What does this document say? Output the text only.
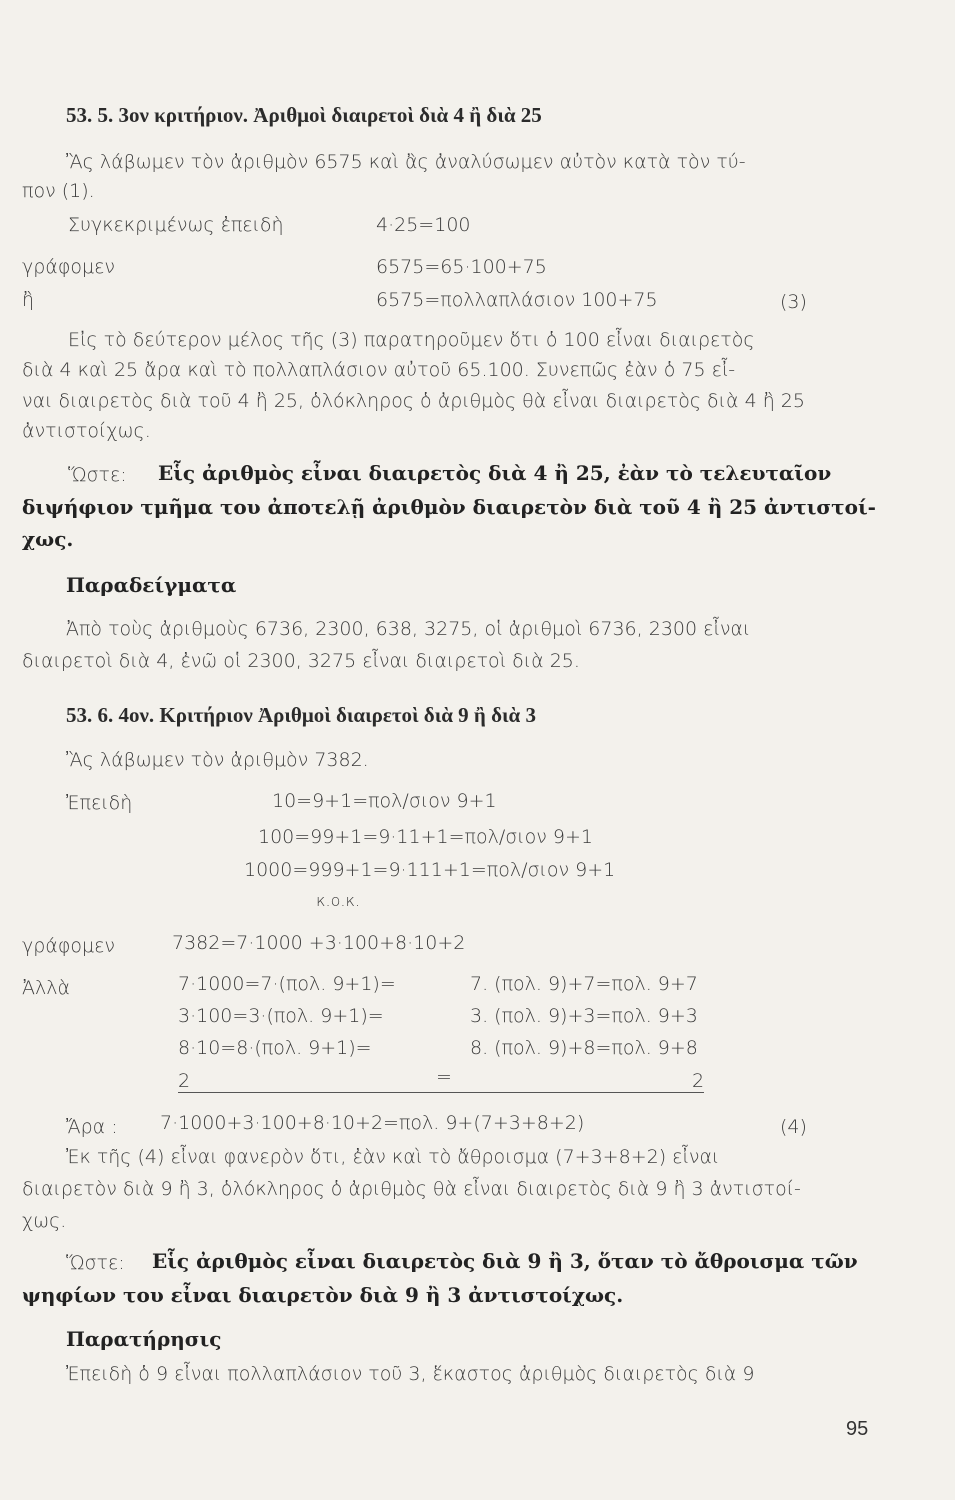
53. 5. 3ον κριτήριον. Ἀριθμοὶ διαιρετοὶ διὰ 4 ἢ διὰ 25
Ἂς λάβωμεν τὸν ἀριθμὸν 6575 καὶ ἂς ἀναλύσωμεν αὐτὸν κατὰ τὸν τύ-
πον (1).
Συγκεκριμένως ἐπειδὴ	4·25=100
γράφομεν	6575=65·100+75
ἢ	6575=πολλαπλάσιον 100+75	(3)
Εἰς τὸ δεύτερον μέλος τῆς (3) παρατηροῦμεν ὅτι ὁ 100 εἶναι διαιρετὸς
διὰ 4 καὶ 25 ἄρα καὶ τὸ πολλαπλάσιον αὐτοῦ 65.100. Συνεπῶς ἐὰν ὁ 75 εἶ-
ναι διαιρετὸς διὰ τοῦ 4 ἢ 25, ὁλόκληρος ὁ ἀριθμὸς θὰ εἶναι διαιρετὸς διὰ 4 ἢ 25
ἀντιστοίχως.
Ὥστε: Εἷς ἀριθμὸς εἶναι διαιρετὸς διὰ 4 ἢ 25, ἐὰν τὸ τελευταῖον
διψήφιον τμῆμα του ἀποτελῇ ἀριθμὸν διαιρετὸν διὰ τοῦ 4 ἢ 25 ἀντιστοί-
χως.
Παραδείγματα
Ἀπὸ τοὺς ἀριθμοὺς 6736, 2300, 638, 3275, οἱ ἀριθμοὶ 6736, 2300 εἶναι
διαιρετοὶ διὰ 4, ἐνῶ οἱ 2300, 3275 εἶναι διαιρετοὶ διὰ 25.
53. 6. 4ον. Κριτήριον Ἀριθμοὶ διαιρετοὶ διὰ 9 ἢ διὰ 3
Ἂς λάβωμεν τὸν ἀριθμὸν 7382.
Ἐπειδὴ	10=9+1=πολ/σιον 9+1
100=99+1=9·11+1=πολ/σιον 9+1
1000=999+1=9·111+1=πολ/σιον 9+1
κ.ο.κ.
γράφομεν	7382=7·1000 +3·100+8·10+2
Ἀλλὰ	7·1000=7·(πολ. 9+1)=	7. (πολ. 9)+7=πολ. 9+7
3·100=3·(πολ. 9+1)=	3. (πολ. 9)+3=πολ. 9+3
8·10=8·(πολ. 9+1)=	8. (πολ. 9)+8=πολ. 9+8
2	=	2
Ἄρα : 7·1000+3·100+8·10+2=πολ. 9+(7+3+8+2)	(4)
Ἐκ τῆς (4) εἶναι φανερὸν ὅτι, ἐὰν καὶ τὸ ἄθροισμα (7+3+8+2) εἶναι
διαιρετὸν διὰ 9 ἢ 3, ὁλόκληρος ὁ ἀριθμὸς θὰ εἶναι διαιρετὸς διὰ 9 ἢ 3 ἀντιστοί-
χως.
Ὥστε: Εἷς ἀριθμὸς εἶναι διαιρετὸς διὰ 9 ἢ 3, ὅταν τὸ ἄθροισμα τῶν
ψηφίων του εἶναι διαιρετὸν διὰ 9 ἢ 3 ἀντιστοίχως.
Παρατήρησις
Ἐπειδὴ ὁ 9 εἶναι πολλαπλάσιον τοῦ 3, ἕκαστος ἀριθμὸς διαιρετὸς διὰ 9
95
